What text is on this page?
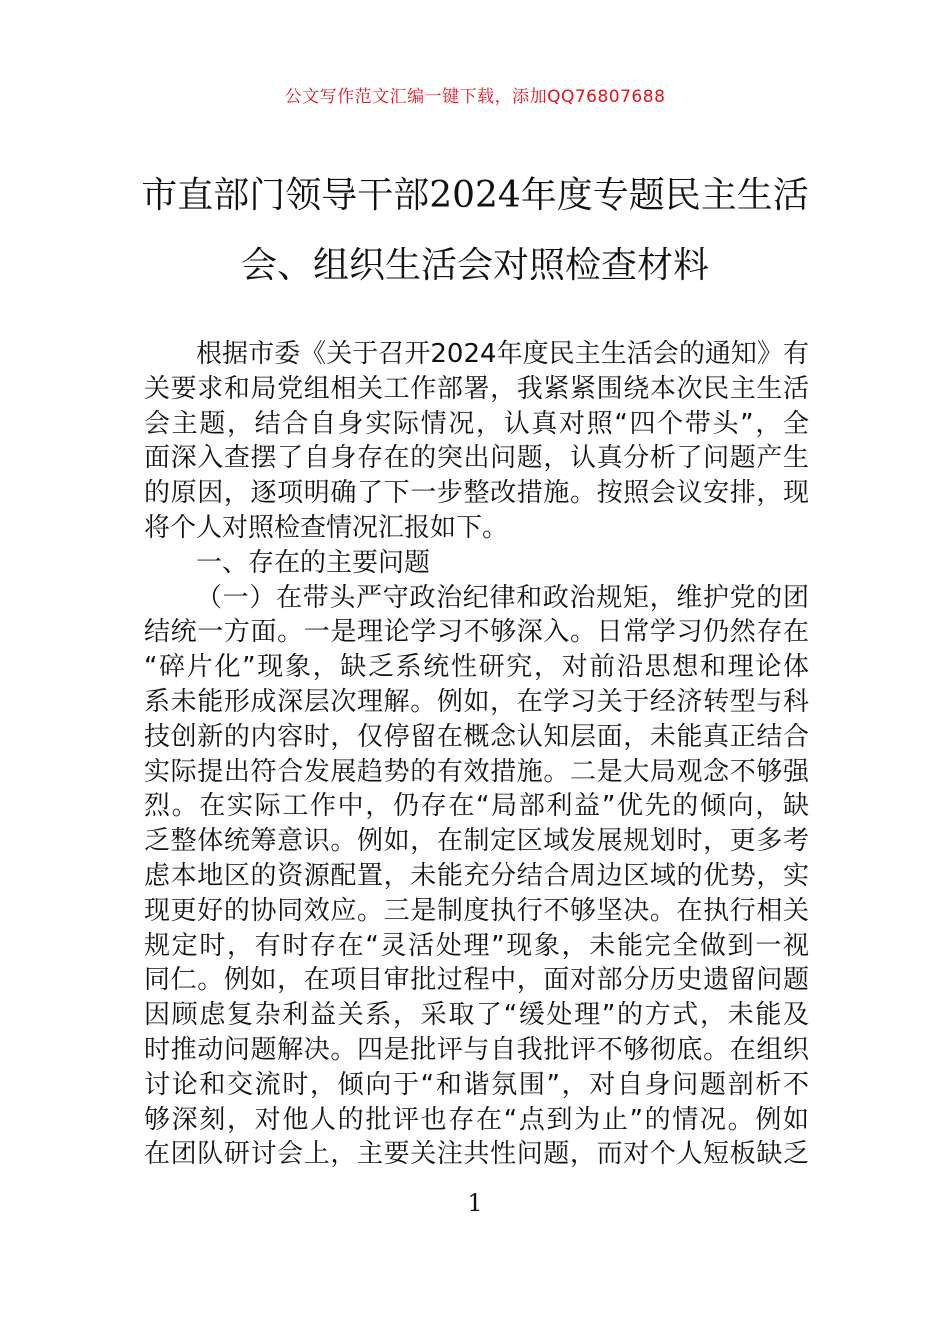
公文写作范文汇编一键下载，添加QQ76807688
市直部门领导干部2024年度专题民主生活
会、组织生活会对照检查材料
根据市委《关于召开2024年度民主生活会的通知》有
关要求和局党组相关工作部署，我紧紧围绕本次民主生活
会主题，结合自身实际情况，认真对照“四个带头”，全
面深入查摆了自身存在的突出问题，认真分析了问题产生
的原因，逐项明确了下一步整改措施。按照会议安排，现
将个人对照检查情况汇报如下。
一、存在的主要问题
（一）在带头严守政治纪律和政治规矩，维护党的团
结统一方面。一是理论学习不够深入。日常学习仍然存在
“碎片化”现象，缺乏系统性研究，对前沿思想和理论体
系未能形成深层次理解。例如，在学习关于经济转型与科
技创新的内容时，仅停留在概念认知层面，未能真正结合
实际提出符合发展趋势的有效措施。二是大局观念不够强
烈。在实际工作中，仍存在“局部利益”优先的倾向，缺
乏整体统筹意识。例如，在制定区域发展规划时，更多考
虑本地区的资源配置，未能充分结合周边区域的优势，实
现更好的协同效应。三是制度执行不够坚决。在执行相关
规定时，有时存在“灵活处理”现象，未能完全做到一视
同仁。例如，在项目审批过程中，面对部分历史遗留问题
因顾虑复杂利益关系，采取了“缓处理”的方式，未能及
时推动问题解决。四是批评与自我批评不够彻底。在组织
讨论和交流时，倾向于“和谐氛围”，对自身问题剖析不
够深刻，对他人的批评也存在“点到为止”的情况。例如
在团队研讨会上，主要关注共性问题，而对个人短板缺乏
1
